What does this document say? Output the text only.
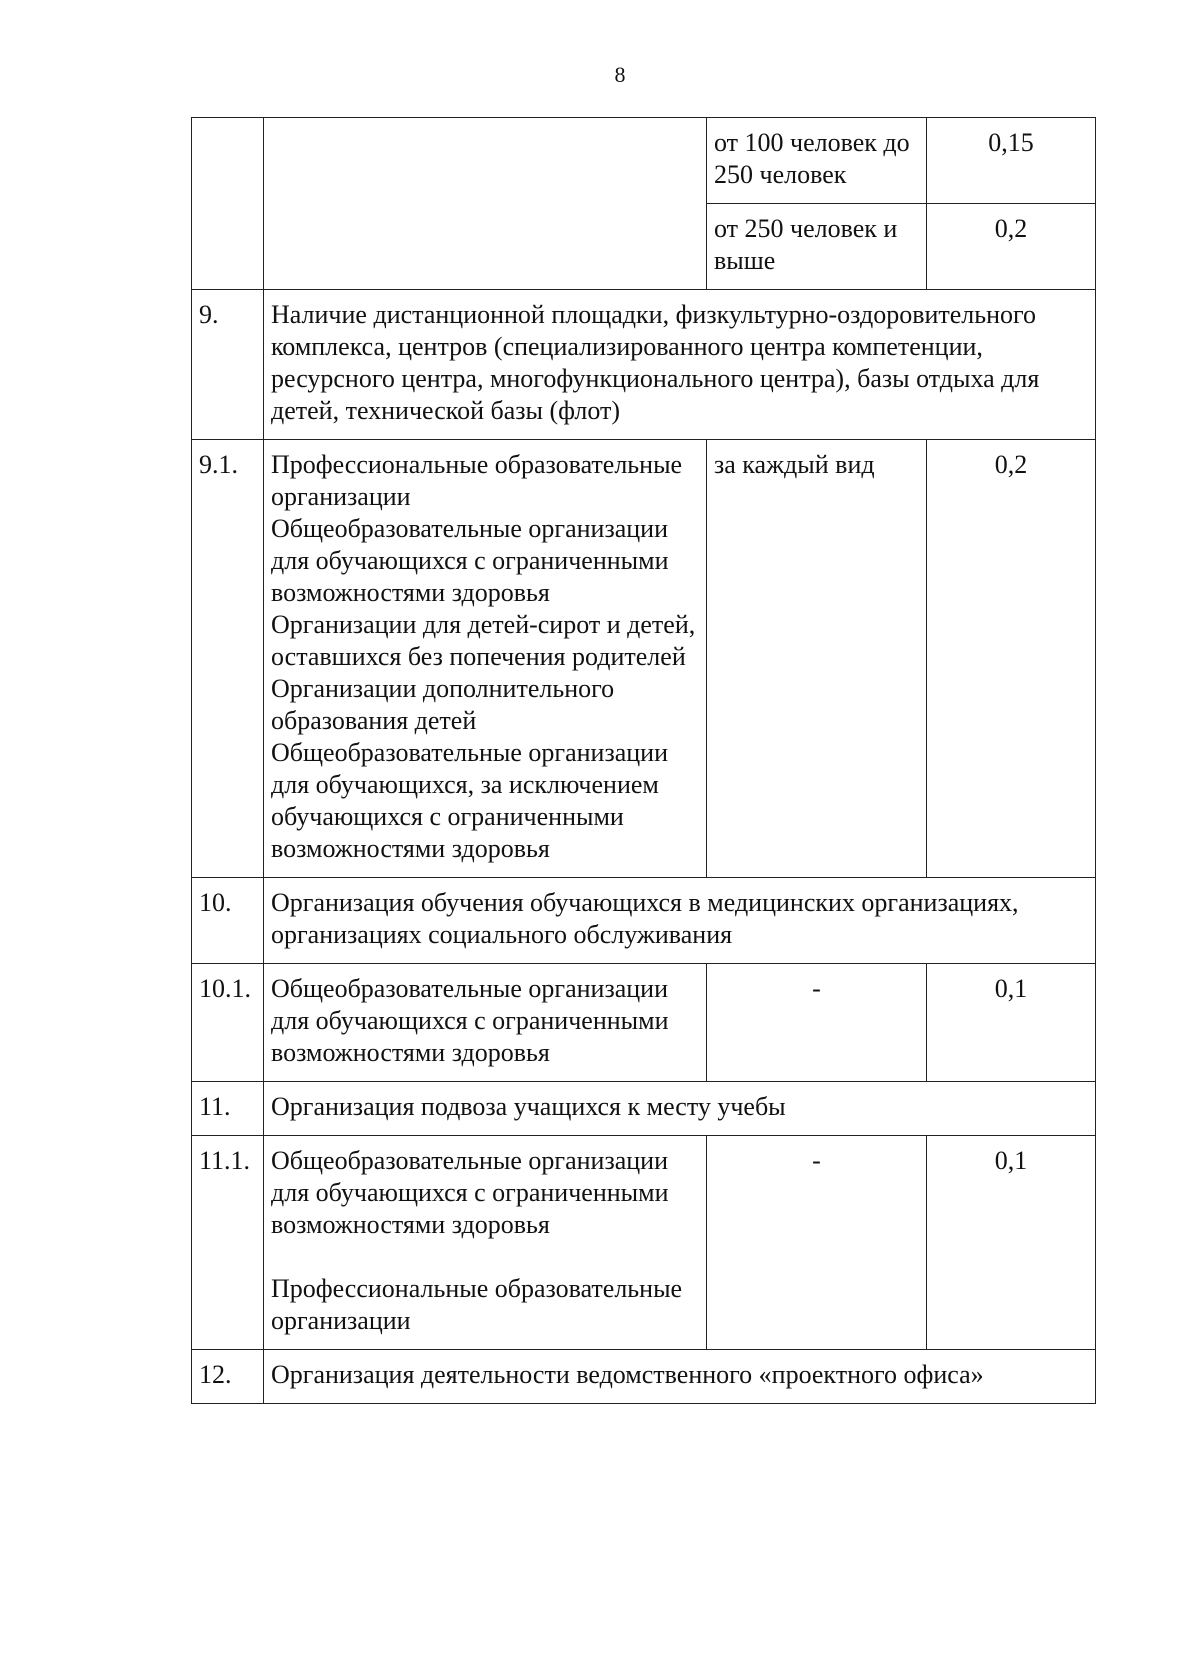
8
		от 100 человек до 250 человек	0,15
		от 250 человек и выше	0,2
9.	Наличие дистанционной площадки, физкультурно-оздоровительного комплекса, центров (специализированного центра компетенции, ресурсного центра, многофункционального центра), базы отдыха для детей, технической базы (флот)		
9.1.	Профессиональные образовательные организации
Общеобразовательные организации для обучающихся с ограниченными возможностями здоровья
Организации для детей-сирот и детей, оставшихся без попечения родителей
Организации дополнительного образования детей
Общеобразовательные организации для обучающихся, за исключением обучающихся с ограниченными возможностями здоровья	за каждый вид	0,2
10.	Организация обучения обучающихся в медицинских организациях, организациях социального обслуживания		
10.1.	Общеобразовательные организации для обучающихся с ограниченными возможностями здоровья	-	0,1
11.	Организация подвоза учащихся к месту учебы		
11.1.	Общеобразовательные организации для обучающихся с ограниченными возможностями здоровья
Профессиональные образовательные организации	-	0,1
12.	Организация деятельности ведомственного «проектного офиса»		
